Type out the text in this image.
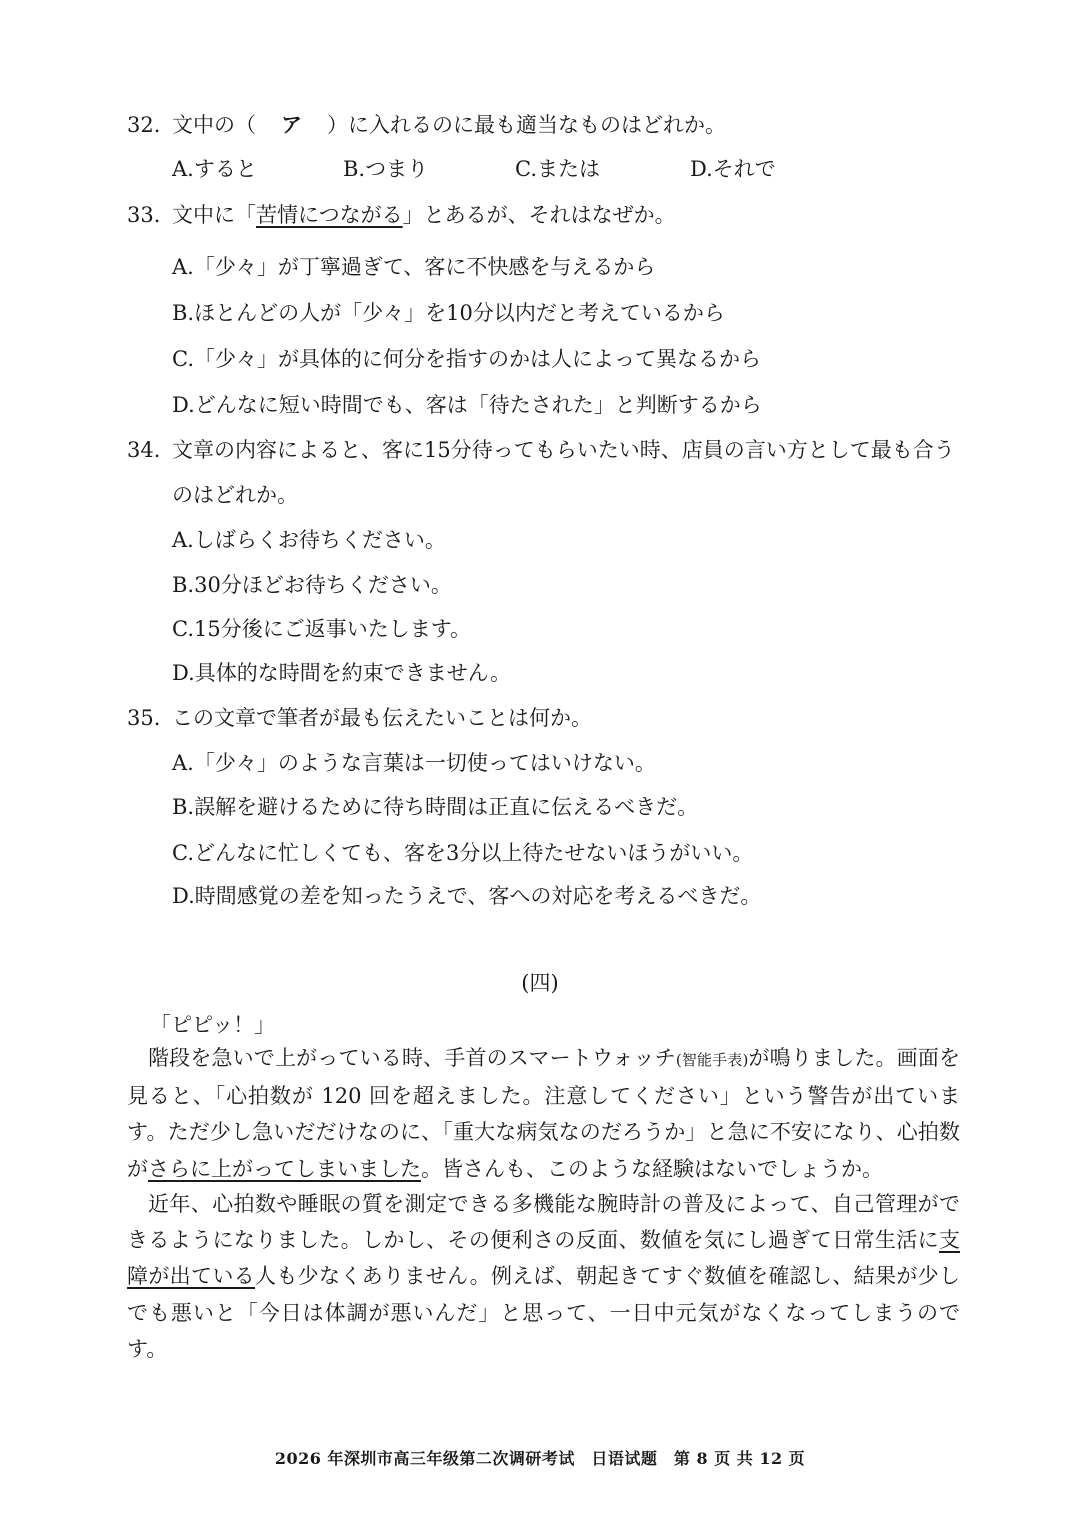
32. 文中の（　ア　）に入れるのに最も適当なものはどれか。
A.すると	B.つまり	C.または	D.それで
33. 文中に「苦情につながる」とあるが、それはなぜか。
A.「少々」が丁寧過ぎて、客に不快感を与えるから
B.ほとんどの人が「少々」を10分以内だと考えているから
C.「少々」が具体的に何分を指すのかは人によって異なるから
D.どんなに短い時間でも、客は「待たされた」と判断するから
34. 文章の内容によると、客に15分待ってもらいたい時、店員の言い方として最も合う
のはどれか。
A.しばらくお待ちください。
B.30分ほどお待ちください。
C.15分後にご返事いたします。
D.具体的な時間を約束できません。
35. この文章で筆者が最も伝えたいことは何か。
A.「少々」のような言葉は一切使ってはいけない。
B.誤解を避けるために待ち時間は正直に伝えるべきだ。
C.どんなに忙しくても、客を3分以上待たせないほうがいい。
D.時間感覚の差を知ったうえで、客への対応を考えるべきだ。
(四)
「ピピッ！」

階段を急いで上がっている時、手首のスマートウォッチ(智能手表)が鳴りました。画面を見ると、「心拍数が 120 回を超えました。注意してください」という警告が出ています。ただ少し急いだだけなのに、「重大な病気なのだろうか」と急に不安になり、心拍数がさらに上がってしまいました。皆さんも、このような経験はないでしょうか。

近年、心拍数や睡眠の質を測定できる多機能な腕時計の普及によって、自己管理ができるようになりました。しかし、その便利さの反面、数値を気にし過ぎて日常生活に支障が出ている人も少なくありません。例えば、朝起きてすぐ数値を確認し、結果が少しでも悪いと「今日は体調が悪いんだ」と思って、一日中元気がなくなってしまうのです。

2026 年深圳市高三年级第二次调研考试　日语试题　第 8 页 共 12 页
